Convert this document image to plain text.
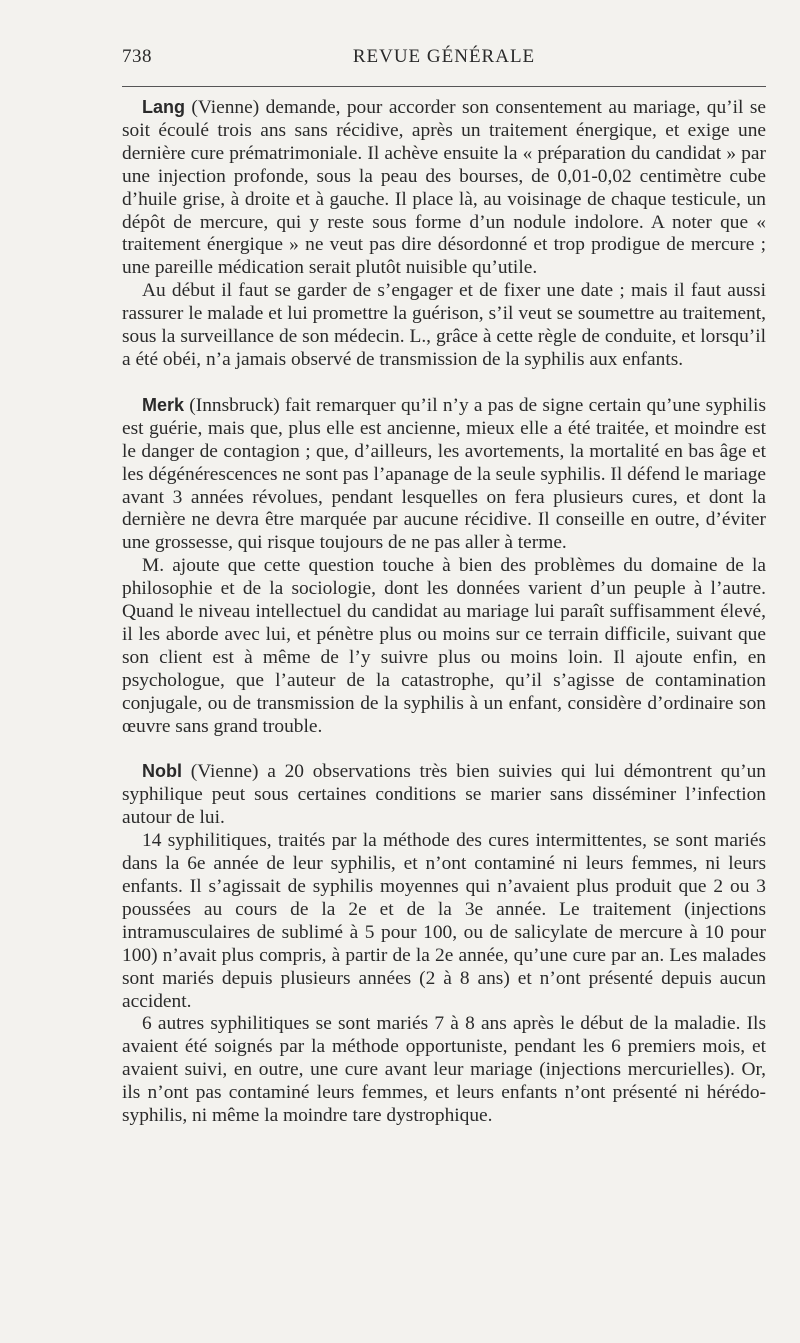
738	REVUE GÉNÉRALE

Lang (Vienne) demande, pour accorder son consentement au mariage, qu’il se soit écoulé trois ans sans récidive, après un traitement énergique, et exige une dernière cure prématrimoniale. Il achève ensuite la « préparation du candidat » par une injection profonde, sous la peau des bourses, de 0,01-0,02 centimètre cube d’huile grise, à droite et à gauche. Il place là, au voisinage de chaque testicule, un dépôt de mercure, qui y reste sous forme d’un nodule indolore. A noter que « traitement énergique » ne veut pas dire désordonné et trop prodigue de mercure ; une pareille médication serait plutôt nuisible qu’utile.

Au début il faut se garder de s’engager et de fixer une date ; mais il faut aussi rassurer le malade et lui promettre la guérison, s’il veut se soumettre au traitement, sous la surveillance de son médecin. L., grâce à cette règle de conduite, et lorsqu’il a été obéi, n’a jamais observé de transmission de la syphilis aux enfants.

Merk (Innsbruck) fait remarquer qu’il n’y a pas de signe certain qu’une syphilis est guérie, mais que, plus elle est ancienne, mieux elle a été traitée, et moindre est le danger de contagion ; que, d’ailleurs, les avortements, la mortalité en bas âge et les dégénérescences ne sont pas l’apanage de la seule syphilis. Il défend le mariage avant 3 années révolues, pendant lesquelles on fera plusieurs cures, et dont la dernière ne devra être marquée par aucune récidive. Il conseille en outre, d’éviter une grossesse, qui risque toujours de ne pas aller à terme.

M. ajoute que cette question touche à bien des problèmes du domaine de la philosophie et de la sociologie, dont les données varient d’un peuple à l’autre. Quand le niveau intellectuel du candidat au mariage lui paraît suffisamment élevé, il les aborde avec lui, et pénètre plus ou moins sur ce terrain difficile, suivant que son client est à même de l’y suivre plus ou moins loin. Il ajoute enfin, en psychologue, que l’auteur de la catastrophe, qu’il s’agisse de contamination conjugale, ou de transmission de la syphilis à un enfant, considère d’ordinaire son œuvre sans grand trouble.

Nobl (Vienne) a 20 observations très bien suivies qui lui démontrent qu’un syphilique peut sous certaines conditions se marier sans disséminer l’infection autour de lui.

14 syphilitiques, traités par la méthode des cures intermittentes, se sont mariés dans la 6e année de leur syphilis, et n’ont contaminé ni leurs femmes, ni leurs enfants. Il s’agissait de syphilis moyennes qui n’avaient plus produit que 2 ou 3 poussées au cours de la 2e et de la 3e année. Le traitement (injections intramusculaires de sublimé à 5 pour 100, ou de salicylate de mercure à 10 pour 100) n’avait plus compris, à partir de la 2e année, qu’une cure par an. Les malades sont mariés depuis plusieurs années (2 à 8 ans) et n’ont présenté depuis aucun accident.

6 autres syphilitiques se sont mariés 7 à 8 ans après le début de la maladie. Ils avaient été soignés par la méthode opportuniste, pendant les 6 premiers mois, et avaient suivi, en outre, une cure avant leur mariage (injections mercurielles). Or, ils n’ont pas contaminé leurs femmes, et leurs enfants n’ont présenté ni hérédo-syphilis, ni même la moindre tare dystrophique.
